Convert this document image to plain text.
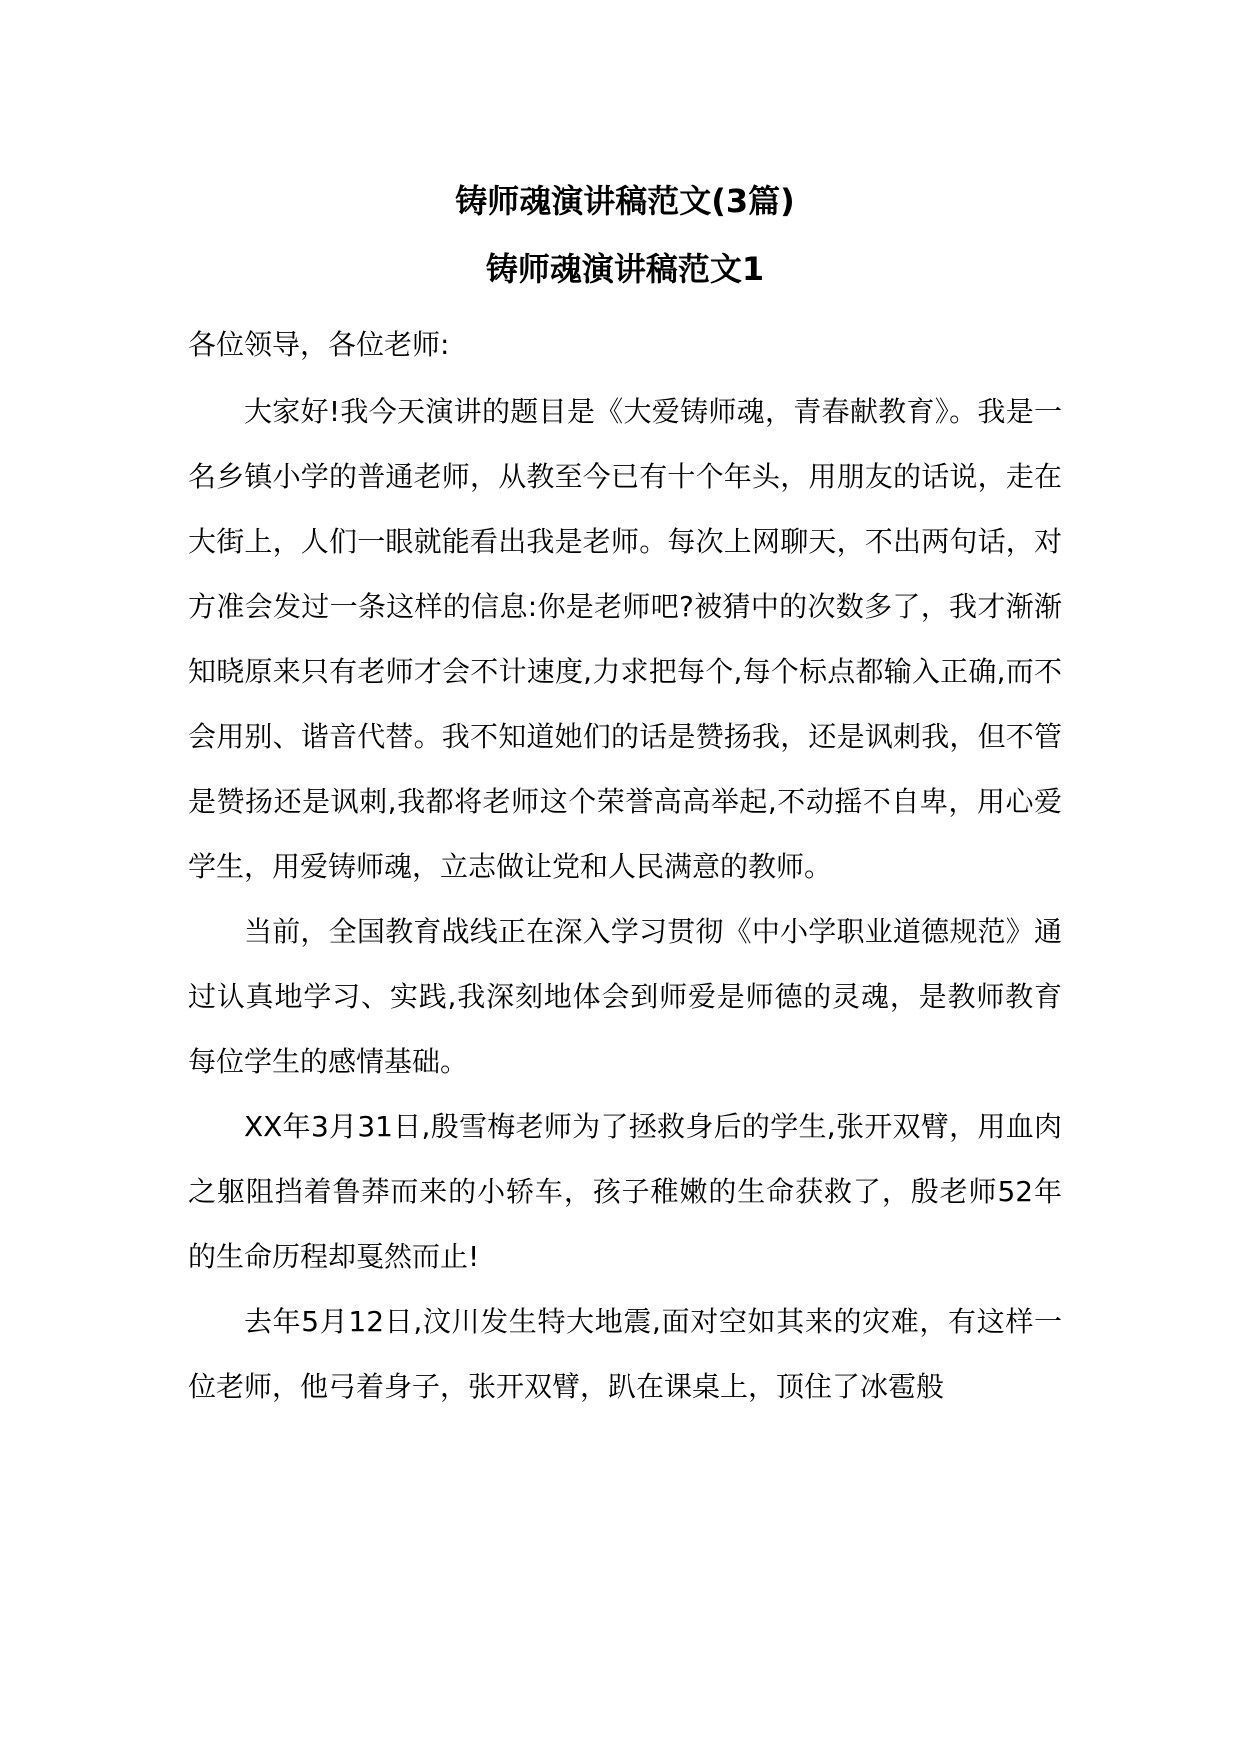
铸师魂演讲稿范文(3篇)
铸师魂演讲稿范文1

各位领导，各位老师:

大家好!我今天演讲的题目是《大爱铸师魂，青春献教育》。我是一名乡镇小学的普通老师，从教至今已有十个年头，用朋友的话说，走在大街上，人们一眼就能看出我是老师。每次上网聊天，不出两句话，对方准会发过一条这样的信息:你是老师吧?被猜中的次数多了，我才渐渐知晓原来只有老师才会不计速度,力求把每个,每个标点都输入正确,而不会用别、谐音代替。我不知道她们的话是赞扬我，还是讽刺我，但不管是赞扬还是讽刺,我都将老师这个荣誉高高举起,不动摇不自卑，用心爱学生，用爱铸师魂，立志做让党和人民满意的教师。

当前，全国教育战线正在深入学习贯彻《中小学职业道德规范》通过认真地学习、实践,我深刻地体会到师爱是师德的灵魂，是教师教育每位学生的感情基础。

XX年3月31日,殷雪梅老师为了拯救身后的学生,张开双臂，用血肉之躯阻挡着鲁莽而来的小轿车，孩子稚嫩的生命获救了，殷老师52年的生命历程却戛然而止!

去年5月12日,汶川发生特大地震,面对空如其来的灾难，有这样一位老师，他弓着身子，张开双臂，趴在课桌上，顶住了冰雹般
